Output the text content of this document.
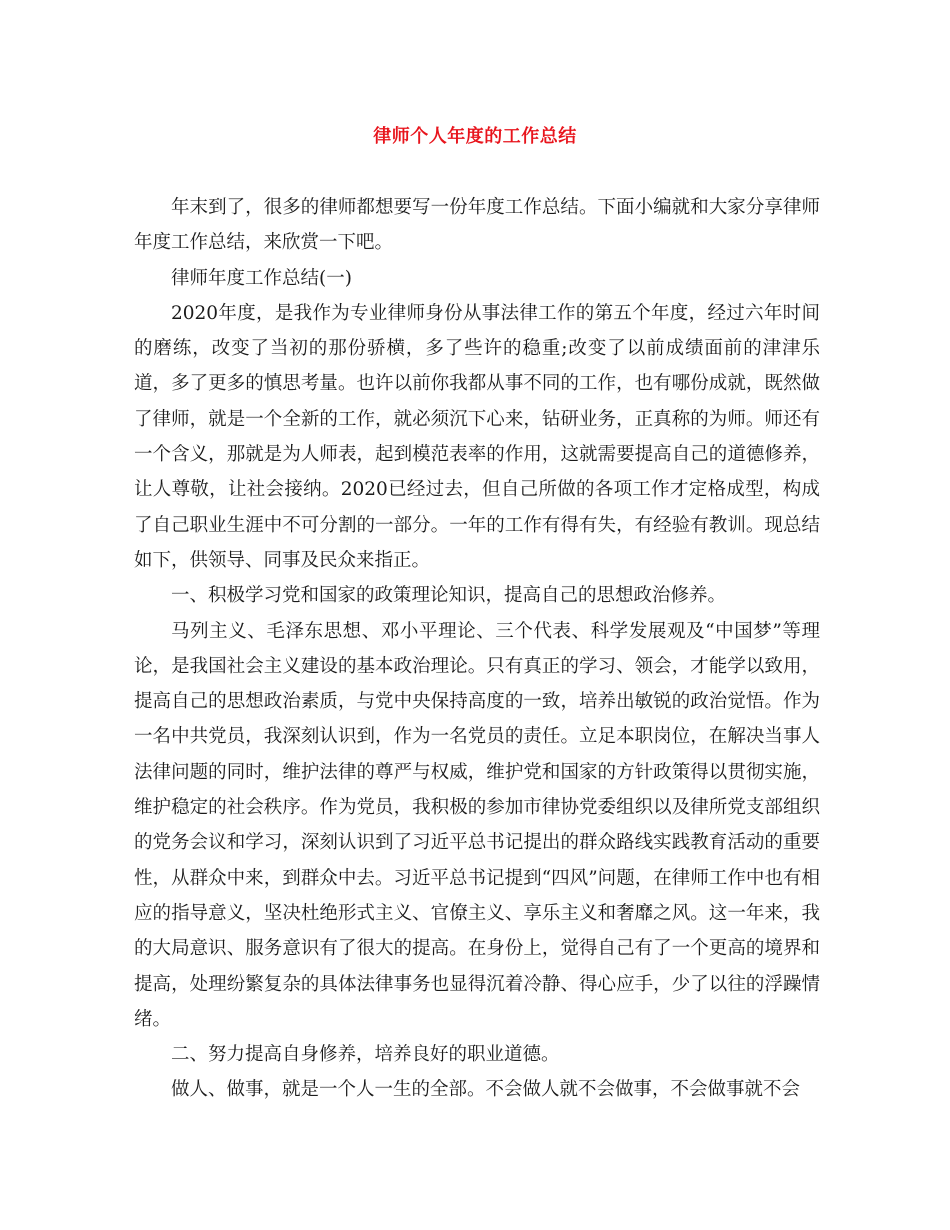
律师个人年度的工作总结

年末到了，很多的律师都想要写一份年度工作总结。下面小编就和大家分享律师年度工作总结，来欣赏一下吧。

律师年度工作总结(一)

2020年度，是我作为专业律师身份从事法律工作的第五个年度，经过六年时间的磨练，改变了当初的那份骄横，多了些许的稳重;改变了以前成绩面前的津津乐道，多了更多的慎思考量。也许以前你我都从事不同的工作，也有哪份成就，既然做了律师，就是一个全新的工作，就必须沉下心来，钻研业务，正真称的为师。师还有一个含义，那就是为人师表，起到模范表率的作用，这就需要提高自己的道德修养，让人尊敬，让社会接纳。2020已经过去，但自己所做的各项工作才定格成型，构成了自己职业生涯中不可分割的一部分。一年的工作有得有失，有经验有教训。现总结如下，供领导、同事及民众来指正。

一、积极学习党和国家的政策理论知识，提高自己的思想政治修养。

马列主义、毛泽东思想、邓小平理论、三个代表、科学发展观及“中国梦”等理论，是我国社会主义建设的基本政治理论。只有真正的学习、领会，才能学以致用，提高自己的思想政治素质，与党中央保持高度的一致，培养出敏锐的政治觉悟。作为一名中共党员，我深刻认识到，作为一名党员的责任。立足本职岗位，在解决当事人法律问题的同时，维护法律的尊严与权威，维护党和国家的方针政策得以贯彻实施，维护稳定的社会秩序。作为党员，我积极的参加市律协党委组织以及律所党支部组织的党务会议和学习，深刻认识到了习近平总书记提出的群众路线实践教育活动的重要性，从群众中来，到群众中去。习近平总书记提到“四风”问题，在律师工作中也有相应的指导意义，坚决杜绝形式主义、官僚主义、享乐主义和奢靡之风。这一年来，我的大局意识、服务意识有了很大的提高。在身份上，觉得自己有了一个更高的境界和提高，处理纷繁复杂的具体法律事务也显得沉着冷静、得心应手，少了以往的浮躁情绪。

二、努力提高自身修养，培养良好的职业道德。

做人、做事，就是一个人一生的全部。不会做人就不会做事，不会做事就不会
